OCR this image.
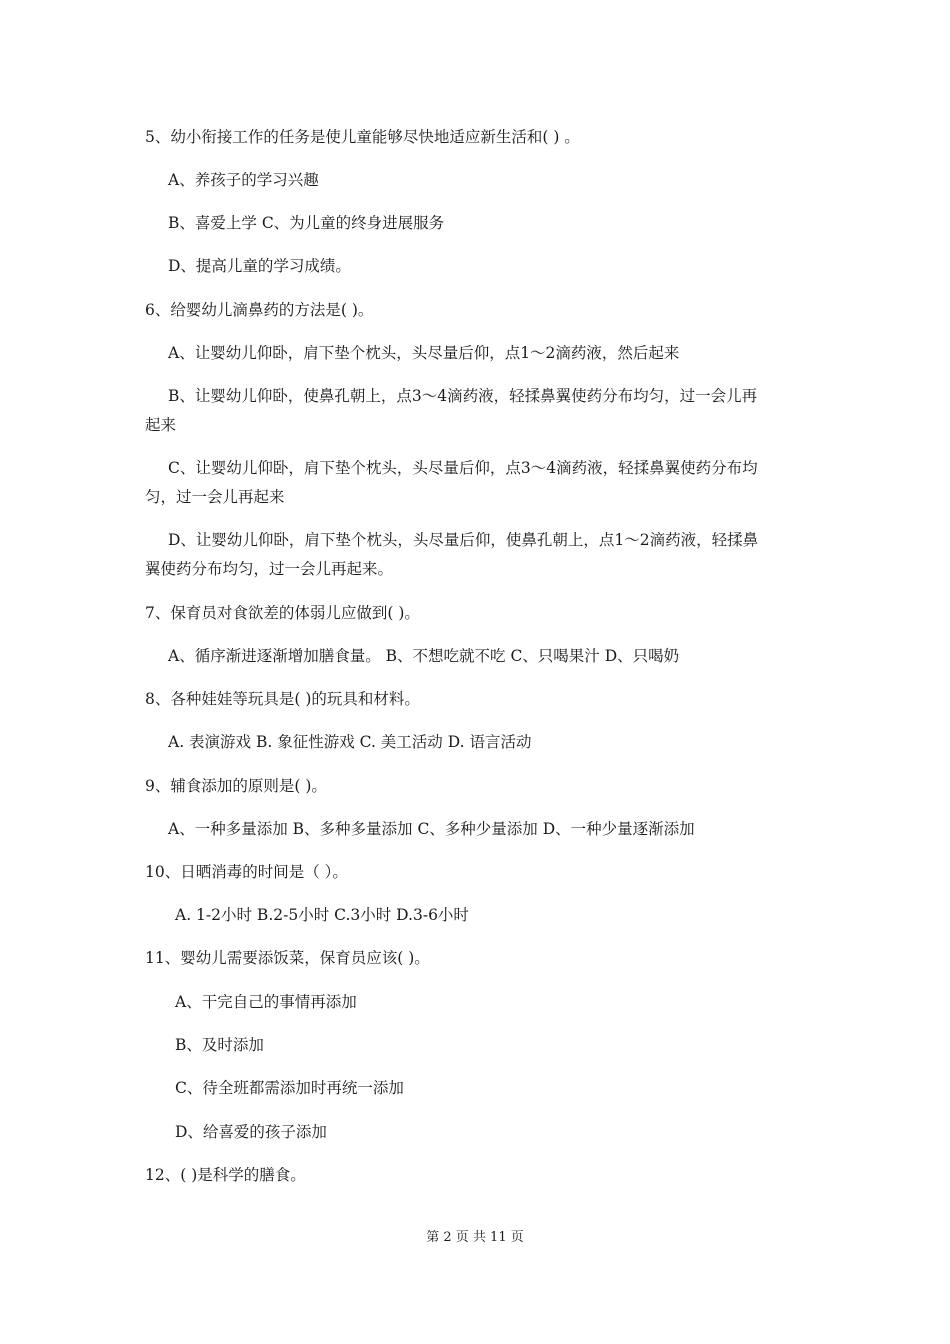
5、幼小衔接工作的任务是使儿童能够尽快地适应新生活和( ) 。
A、养孩子的学习兴趣
B、喜爱上学 C、为儿童的终身进展服务
D、提高儿童的学习成绩。
6、给婴幼儿滴鼻药的方法是( )。
A、让婴幼儿仰卧，肩下垫个枕头，头尽量后仰，点1～2滴药液，然后起来
B、让婴幼儿仰卧，使鼻孔朝上，点3～4滴药液，轻揉鼻翼使药分布均匀，过一会儿再
起来
C、让婴幼儿仰卧，肩下垫个枕头，头尽量后仰，点3～4滴药液，轻揉鼻翼使药分布均
匀，过一会儿再起来
D、让婴幼儿仰卧，肩下垫个枕头，头尽量后仰，使鼻孔朝上，点1～2滴药液，轻揉鼻
翼使药分布均匀，过一会儿再起来。
7、保育员对食欲差的体弱儿应做到( )。
A、循序渐进逐渐增加膳食量。 B、不想吃就不吃 C、只喝果汁 D、只喝奶
8、各种娃娃等玩具是( )的玩具和材料。
A. 表演游戏 B. 象征性游戏 C. 美工活动 D. 语言活动
9、辅食添加的原则是( )。
A、一种多量添加 B、多种多量添加 C、多种少量添加 D、一种少量逐渐添加
10、日晒消毒的时间是（ ）。
A. 1-2小时 B.2-5小时 C.3小时 D.3-6小时
11、婴幼儿需要添饭菜，保育员应该( )。
A、干完自己的事情再添加
B、及时添加
C、待全班都需添加时再统一添加
D、给喜爱的孩子添加
12、( )是科学的膳食。
第 2 页 共 11 页
